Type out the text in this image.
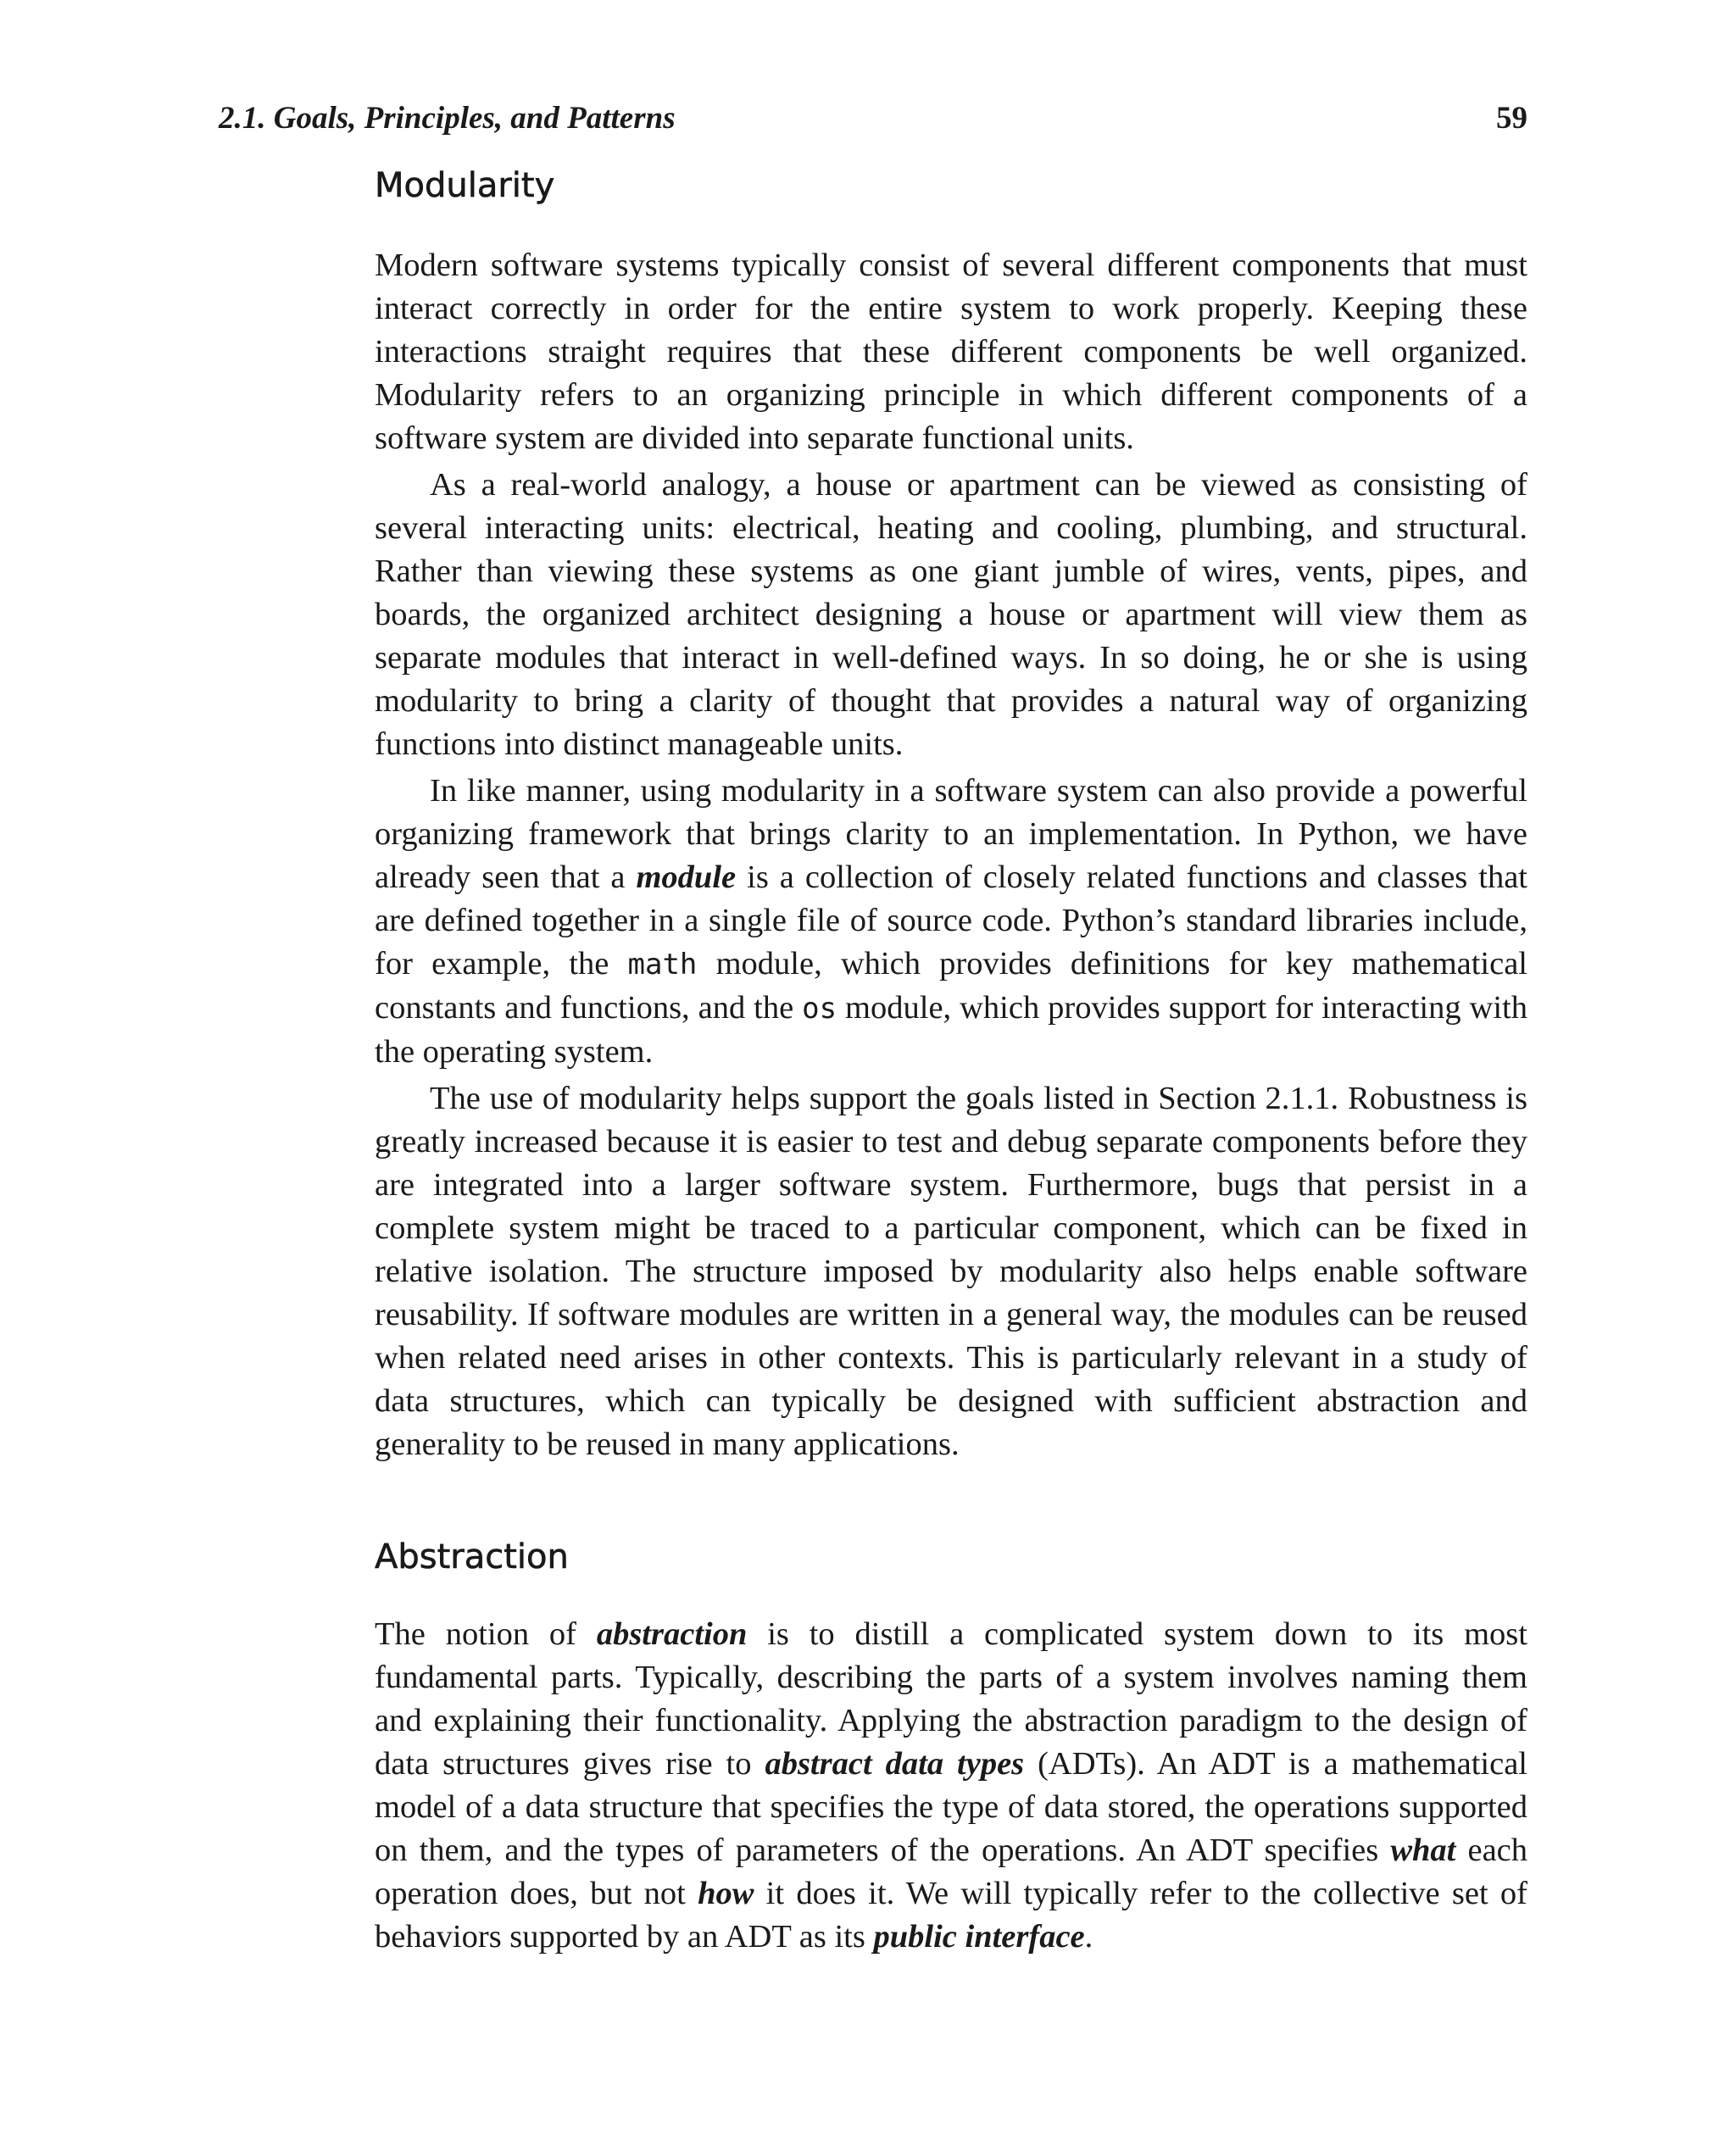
2.1. Goals, Principles, and Patterns	59
Modularity

Modern software systems typically consist of several different components that must interact correctly in order for the entire system to work properly. Keeping these interactions straight requires that these different components be well organized. Modularity refers to an organizing principle in which different components of a software system are divided into separate functional units.

As a real-world analogy, a house or apartment can be viewed as consisting of several interacting units: electrical, heating and cooling, plumbing, and structural. Rather than viewing these systems as one giant jumble of wires, vents, pipes, and boards, the organized architect designing a house or apartment will view them as separate modules that interact in well-defined ways. In so doing, he or she is using modularity to bring a clarity of thought that provides a natural way of organizing functions into distinct manageable units.

In like manner, using modularity in a software system can also provide a powerful organizing framework that brings clarity to an implementation. In Python, we have already seen that a module is a collection of closely related functions and classes that are defined together in a single file of source code. Python’s standard libraries include, for example, the math module, which provides definitions for key mathematical constants and functions, and the os module, which provides support for interacting with the operating system.

The use of modularity helps support the goals listed in Section 2.1.1. Robustness is greatly increased because it is easier to test and debug separate components before they are integrated into a larger software system. Furthermore, bugs that persist in a complete system might be traced to a particular component, which can be fixed in relative isolation. The structure imposed by modularity also helps enable software reusability. If software modules are written in a general way, the modules can be reused when related need arises in other contexts. This is particularly relevant in a study of data structures, which can typically be designed with sufficient abstraction and generality to be reused in many applications.

Abstraction

The notion of abstraction is to distill a complicated system down to its most fundamental parts. Typically, describing the parts of a system involves naming them and explaining their functionality. Applying the abstraction paradigm to the design of data structures gives rise to abstract data types (ADTs). An ADT is a mathematical model of a data structure that specifies the type of data stored, the operations supported on them, and the types of parameters of the operations. An ADT specifies what each operation does, but not how it does it. We will typically refer to the collective set of behaviors supported by an ADT as its public interface.
